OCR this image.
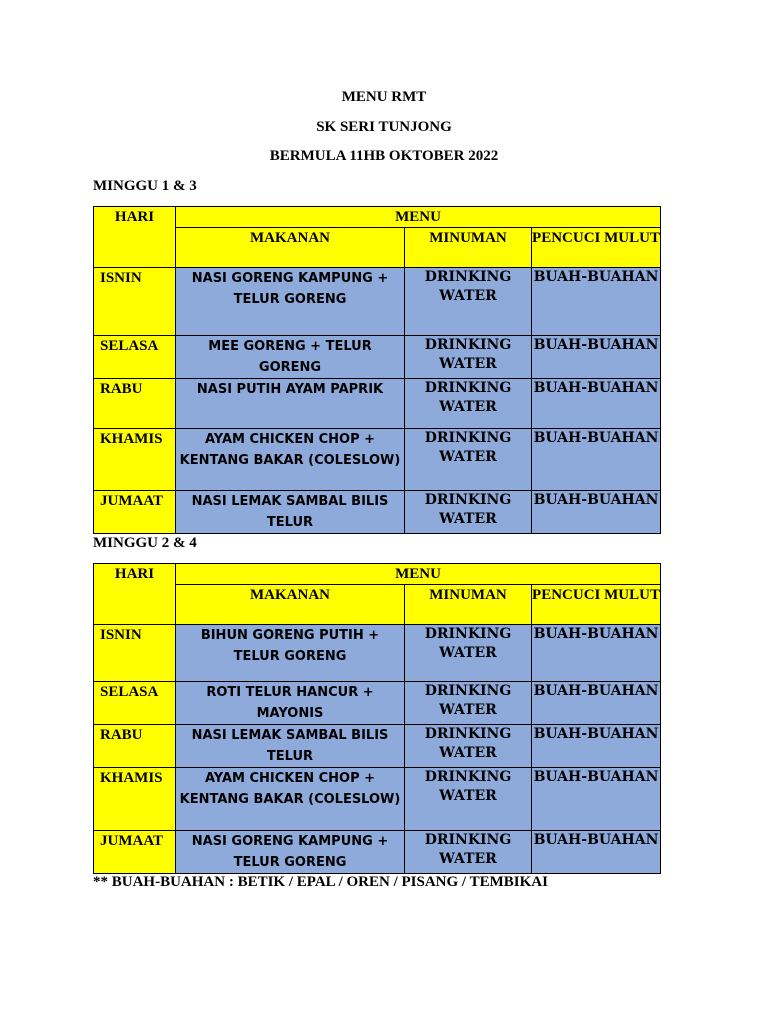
MENU RMT
SK SERI TUNJONG
BERMULA 11HB OKTOBER 2022
MINGGU 1 & 3
HARI	MENU		
	MAKANAN	MINUMAN	PENCUCI MULUT
ISNIN	NASI GORENG KAMPUNG + TELUR GORENG	DRINKING WATER	BUAH-BUAHAN
SELASA	MEE GORENG + TELUR GORENG	DRINKING WATER	BUAH-BUAHAN
RABU	NASI PUTIH AYAM PAPRIK	DRINKING WATER	BUAH-BUAHAN
KHAMIS	AYAM CHICKEN CHOP + KENTANG BAKAR (COLESLOW)	DRINKING WATER	BUAH-BUAHAN
JUMAAT	NASI LEMAK SAMBAL BILIS TELUR	DRINKING WATER	BUAH-BUAHAN
MINGGU 2 & 4
HARI	MENU		
	MAKANAN	MINUMAN	PENCUCI MULUT
ISNIN	BIHUN GORENG PUTIH + TELUR GORENG	DRINKING WATER	BUAH-BUAHAN
SELASA	ROTI TELUR HANCUR + MAYONIS	DRINKING WATER	BUAH-BUAHAN
RABU	NASI LEMAK SAMBAL BILIS TELUR	DRINKING WATER	BUAH-BUAHAN
KHAMIS	AYAM CHICKEN CHOP + KENTANG BAKAR (COLESLOW)	DRINKING WATER	BUAH-BUAHAN
JUMAAT	NASI GORENG KAMPUNG + TELUR GORENG	DRINKING WATER	BUAH-BUAHAN
** BUAH-BUAHAN : BETIK / EPAL / OREN / PISANG / TEMBIKAI
